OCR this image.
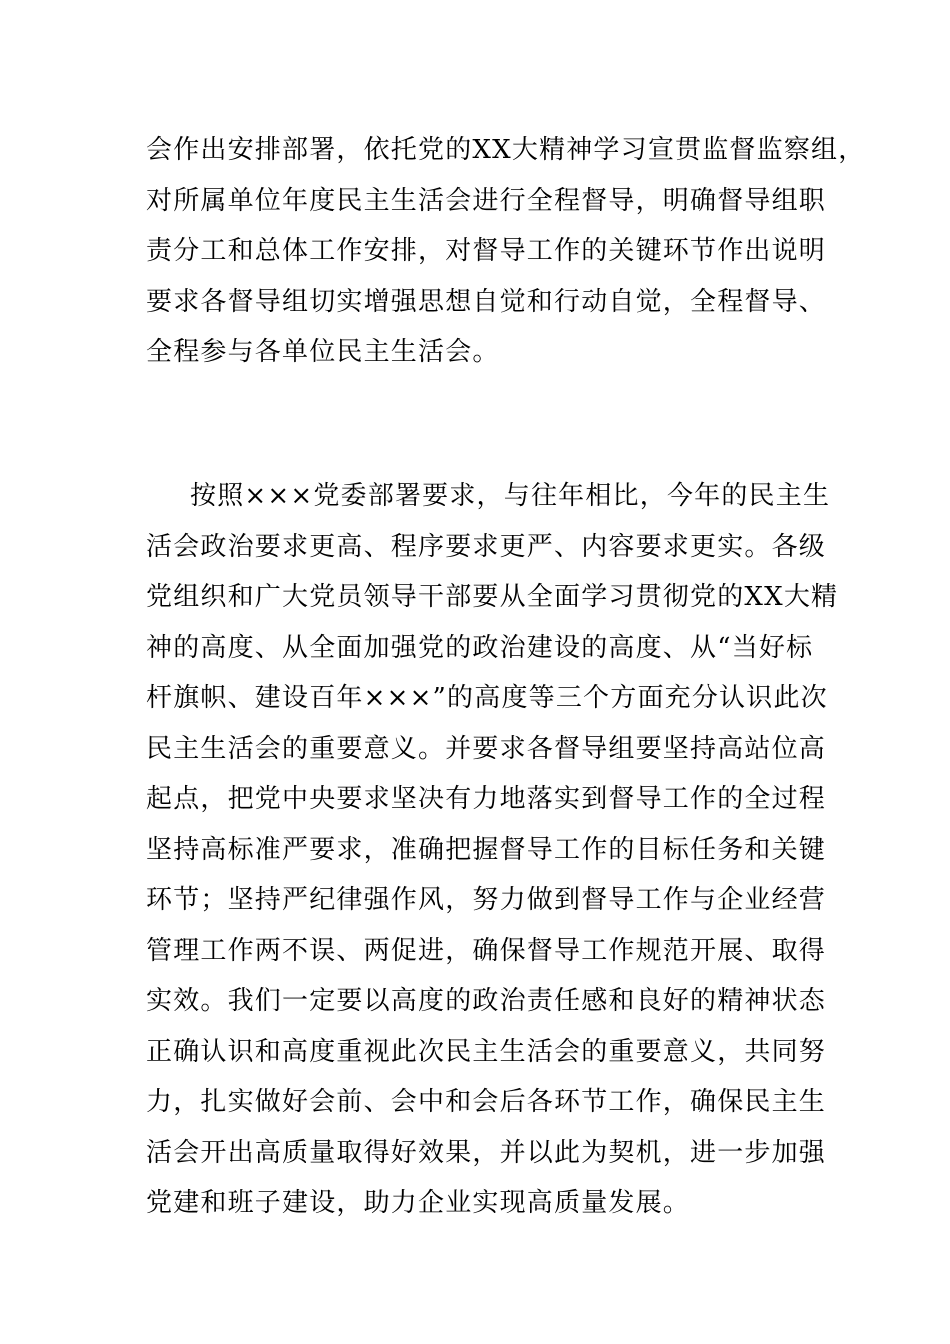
会作出安排部署，依托党的XX大精神学习宣贯监督监察组，
对所属单位年度民主生活会进行全程督导，明确督导组职
责分工和总体工作安排，对督导工作的关键环节作出说明
要求各督导组切实增强思想自觉和行动自觉，全程督导、
全程参与各单位民主生活会。

按照×××党委部署要求，与往年相比，今年的民主生
活会政治要求更高、程序要求更严、内容要求更实。各级
党组织和广大党员领导干部要从全面学习贯彻党的XX大精
神的高度、从全面加强党的政治建设的高度、从“当好标
杆旗帜、建设百年×××”的高度等三个方面充分认识此次
民主生活会的重要意义。并要求各督导组要坚持高站位高
起点，把党中央要求坚决有力地落实到督导工作的全过程
坚持高标准严要求，准确把握督导工作的目标任务和关键
环节；坚持严纪律强作风，努力做到督导工作与企业经营
管理工作两不误、两促进，确保督导工作规范开展、取得
实效。我们一定要以高度的政治责任感和良好的精神状态
正确认识和高度重视此次民主生活会的重要意义，共同努
力，扎实做好会前、会中和会后各环节工作，确保民主生
活会开出高质量取得好效果，并以此为契机，进一步加强
党建和班子建设，助力企业实现高质量发展。
